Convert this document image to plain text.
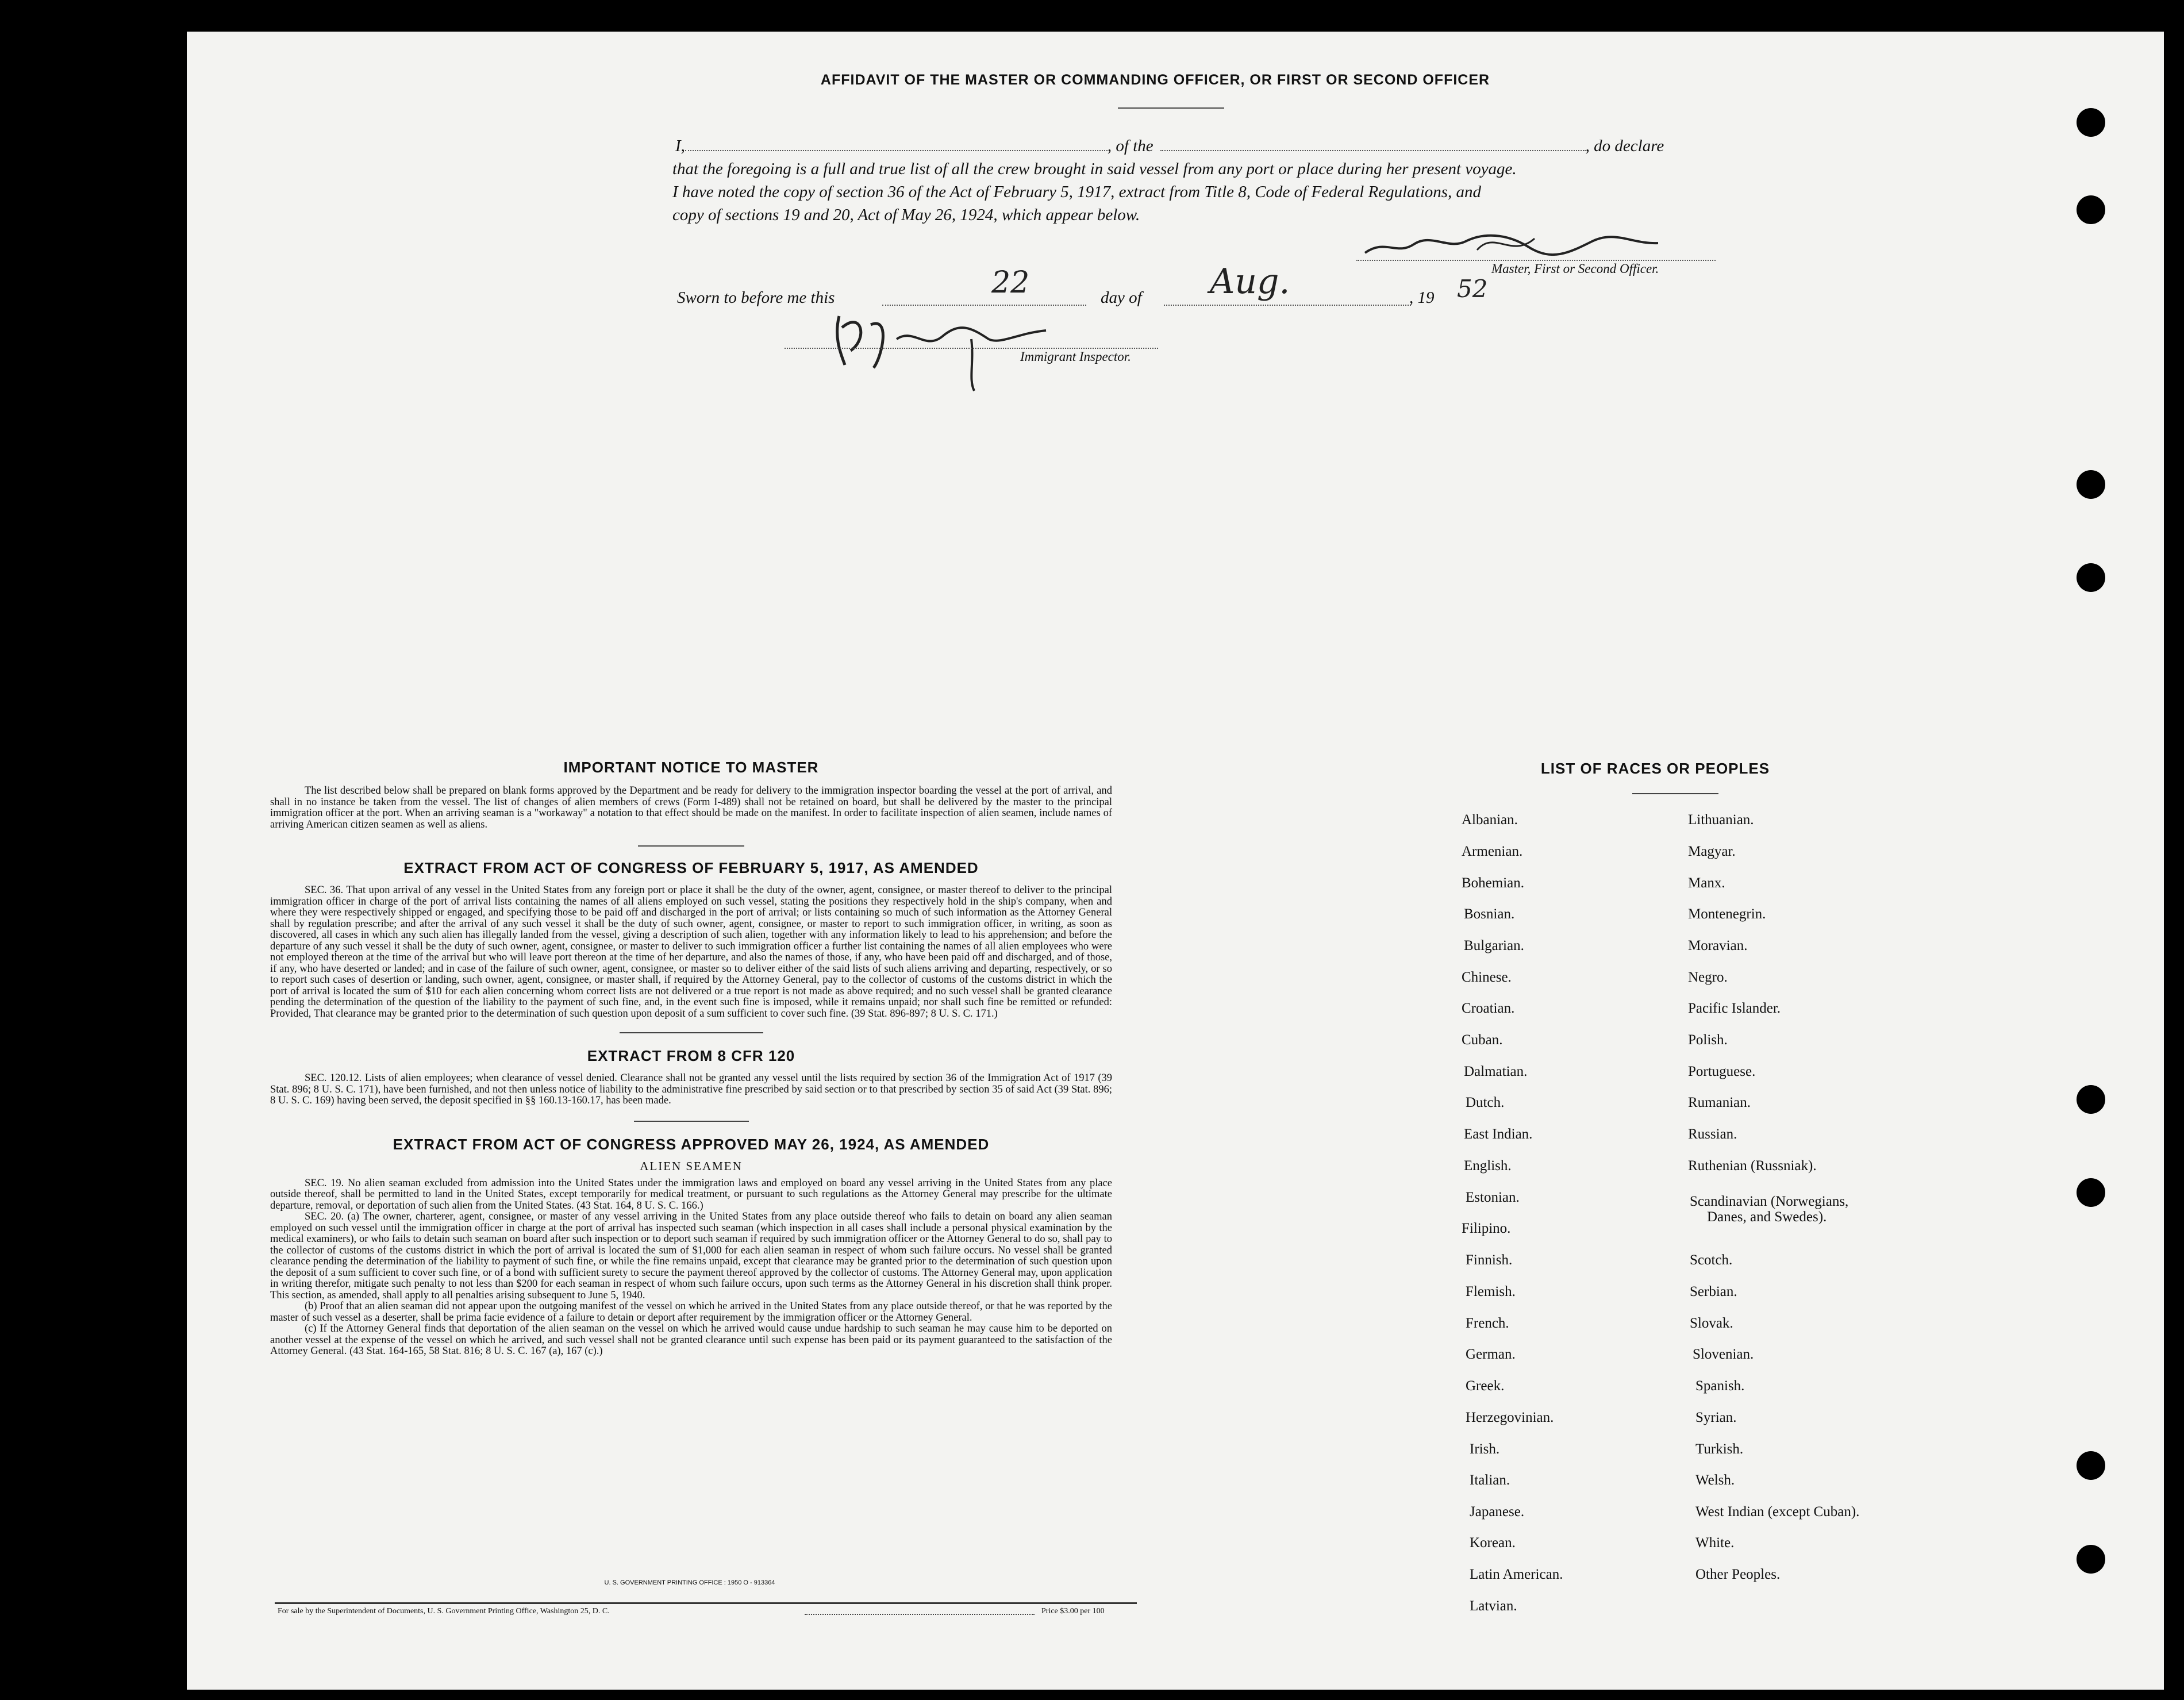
AFFIDAVIT OF THE MASTER OR COMMANDING OFFICER, OR FIRST OR SECOND OFFICER
I,	, of the	, do declare
that the foregoing is a full and true list of all the crew brought in said vessel from any port or place during her present voyage.
I have noted the copy of section 36 of the Act of February 5, 1917, extract from Title 8, Code of Federal Regulations, and
copy of sections 19 and 20, Act of May 26, 1924, which appear below.
Master, First or Second Officer.
Sworn to before me this	22	day of Aug.	, 19 52
Immigrant Inspector.
IMPORTANT NOTICE TO MASTER
The list described below shall be prepared on blank forms approved by the Department and be ready for delivery to the immigration inspector boarding the vessel at the port of arrival, and shall in no instance be taken from the vessel. The list of changes of alien members of crews (Form I-489) shall not be retained on board, but shall be delivered by the master to the principal immigration officer at the port. When an arriving seaman is a "workaway" a notation to that effect should be made on the manifest. In order to facilitate inspection of alien seamen, include names of arriving American citizen seamen as well as aliens.
EXTRACT FROM ACT OF CONGRESS OF FEBRUARY 5, 1917, AS AMENDED
SEC. 36. That upon arrival of any vessel in the United States from any foreign port or place it shall be the duty of the owner, agent, consignee, or master thereof to deliver to the principal immigration officer in charge of the port of arrival lists containing the names of all aliens employed on such vessel, stating the positions they respectively hold in the ship's company, when and where they were respectively shipped or engaged, and specifying those to be paid off and discharged in the port of arrival; or lists containing so much of such information as the Attorney General shall by regulation prescribe; and after the arrival of any such vessel it shall be the duty of such owner, agent, consignee, or master to report to such immigration officer, in writing, as soon as discovered, all cases in which any such alien has illegally landed from the vessel, giving a description of such alien, together with any information likely to lead to his apprehension; and before the departure of any such vessel it shall be the duty of such owner, agent, consignee, or master to deliver to such immigration officer a further list containing the names of all alien employees who were not employed thereon at the time of the arrival but who will leave port thereon at the time of her departure, and also the names of those, if any, who have been paid off and discharged, and of those, if any, who have deserted or landed; and in case of the failure of such owner, agent, consignee, or master so to deliver either of the said lists of such aliens arriving and departing, respectively, or so to report such cases of desertion or landing, such owner, agent, consignee, or master shall, if required by the Attorney General, pay to the collector of customs of the customs district in which the port of arrival is located the sum of $10 for each alien concerning whom correct lists are not delivered or a true report is not made as above required; and no such vessel shall be granted clearance pending the determination of the question of the liability to the payment of such fine, and, in the event such fine is imposed, while it remains unpaid; nor shall such fine be remitted or refunded: Provided, That clearance may be granted prior to the determination of such question upon deposit of a sum sufficient to cover such fine. (39 Stat. 896-897; 8 U. S. C. 171.)
EXTRACT FROM 8 CFR 120
SEC. 120.12. Lists of alien employees; when clearance of vessel denied. Clearance shall not be granted any vessel until the lists required by section 36 of the Immigration Act of 1917 (39 Stat. 896; 8 U. S. C. 171), have been furnished, and not then unless notice of liability to the administrative fine prescribed by said section or to that prescribed by section 35 of said Act (39 Stat. 896; 8 U. S. C. 169) having been served, the deposit specified in §§ 160.13-160.17, has been made.
EXTRACT FROM ACT OF CONGRESS APPROVED MAY 26, 1924, AS AMENDED
ALIEN SEAMEN
SEC. 19. No alien seaman excluded from admission into the United States under the immigration laws and employed on board any vessel arriving in the United States from any place outside thereof, shall be permitted to land in the United States, except temporarily for medical treatment, or pursuant to such regulations as the Attorney General may prescribe for the ultimate departure, removal, or deportation of such alien from the United States. (43 Stat. 164, 8 U. S. C. 166.)
SEC. 20. (a) The owner, charterer, agent, consignee, or master of any vessel arriving in the United States from any place outside thereof who fails to detain on board any alien seaman employed on such vessel until the immigration officer in charge at the port of arrival has inspected such seaman (which inspection in all cases shall include a personal physical examination by the medical examiners), or who fails to detain such seaman on board after such inspection or to deport such seaman if required by such immigration officer or the Attorney General to do so, shall pay to the collector of customs of the customs district in which the port of arrival is located the sum of $1,000 for each alien seaman in respect of whom such failure occurs. No vessel shall be granted clearance pending the determination of the liability to payment of such fine, or while the fine remains unpaid, except that clearance may be granted prior to the determination of such question upon the deposit of a sum sufficient to cover such fine, or of a bond with sufficient surety to secure the payment thereof approved by the collector of customs. The Attorney General may, upon application in writing therefor, mitigate such penalty to not less than $200 for each seaman in respect of whom such failure occurs, upon such terms as the Attorney General in his discretion shall think proper. This section, as amended, shall apply to all penalties arising subsequent to June 5, 1940.
(b) Proof that an alien seaman did not appear upon the outgoing manifest of the vessel on which he arrived in the United States from any place outside thereof, or that he was reported by the master of such vessel as a deserter, shall be prima facie evidence of a failure to detain or deport after requirement by the immigration officer or the Attorney General.
(c) If the Attorney General finds that deportation of the alien seaman on the vessel on which he arrived would cause undue hardship to such seaman he may cause him to be deported on another vessel at the expense of the vessel on which he arrived, and such vessel shall not be granted clearance until such expense has been paid or its payment guaranteed to the satisfaction of the Attorney General. (43 Stat. 164-165, 58 Stat. 816; 8 U. S. C. 167 (a), 167 (c).)
U. S. GOVERNMENT PRINTING OFFICE : 1950 O - 913364
For sale by the Superintendent of Documents, U. S. Government Printing Office, Washington 25, D. C.	Price $3.00 per 100
LIST OF RACES OR PEOPLES
Albanian.
Armenian.
Bohemian.
Bosnian.
Bulgarian.
Chinese.
Croatian.
Cuban.
Dalmatian.
Dutch.
East Indian.
English.
Estonian.
Filipino.
Finnish.
Flemish.
French.
German.
Greek.
Herzegovinian.
Irish.
Italian.
Japanese.
Korean.
Latin American.
Latvian.
Lithuanian.
Magyar.
Manx.
Montenegrin.
Moravian.
Negro.
Pacific Islander.
Polish.
Portuguese.
Rumanian.
Russian.
Ruthenian (Russniak).
Scandinavian (Norwegians,
Danes, and Swedes).
Scotch.
Serbian.
Slovak.
Slovenian.
Spanish.
Syrian.
Turkish.
Welsh.
West Indian (except Cuban).
White.
Other Peoples.
